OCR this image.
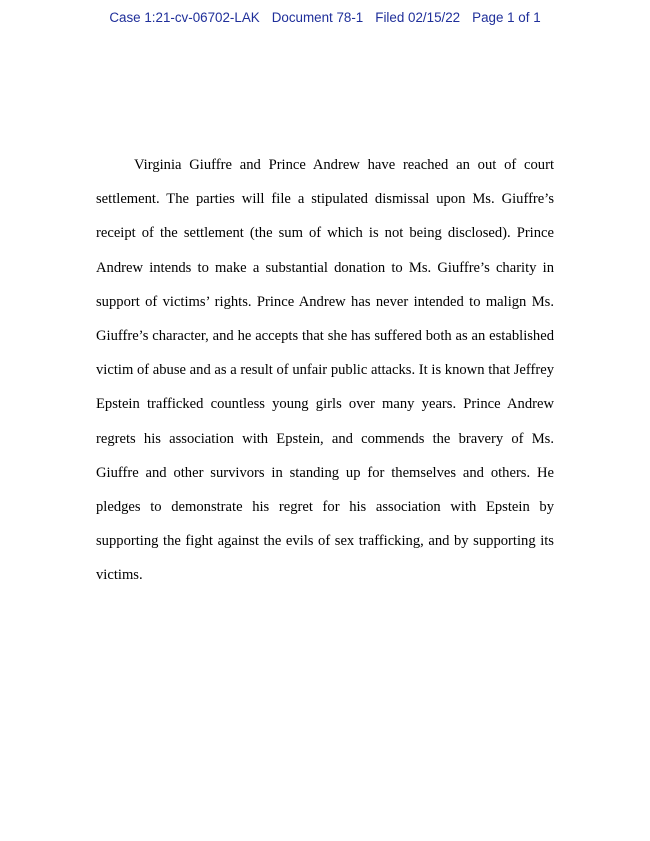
Case 1:21-cv-06702-LAK Document 78-1 Filed 02/15/22 Page 1 of 1

Virginia Giuffre and Prince Andrew have reached an out of court settlement. The parties will file a stipulated dismissal upon Ms. Giuffre’s receipt of the settlement (the sum of which is not being disclosed). Prince Andrew intends to make a substantial donation to Ms. Giuffre’s charity in support of victims’ rights. Prince Andrew has never intended to malign Ms. Giuffre’s character, and he accepts that she has suffered both as an established victim of abuse and as a result of unfair public attacks. It is known that Jeffrey Epstein trafficked countless young girls over many years. Prince Andrew regrets his association with Epstein, and commends the bravery of Ms. Giuffre and other survivors in standing up for themselves and others. He pledges to demonstrate his regret for his association with Epstein by supporting the fight against the evils of sex trafficking, and by supporting its victims.
